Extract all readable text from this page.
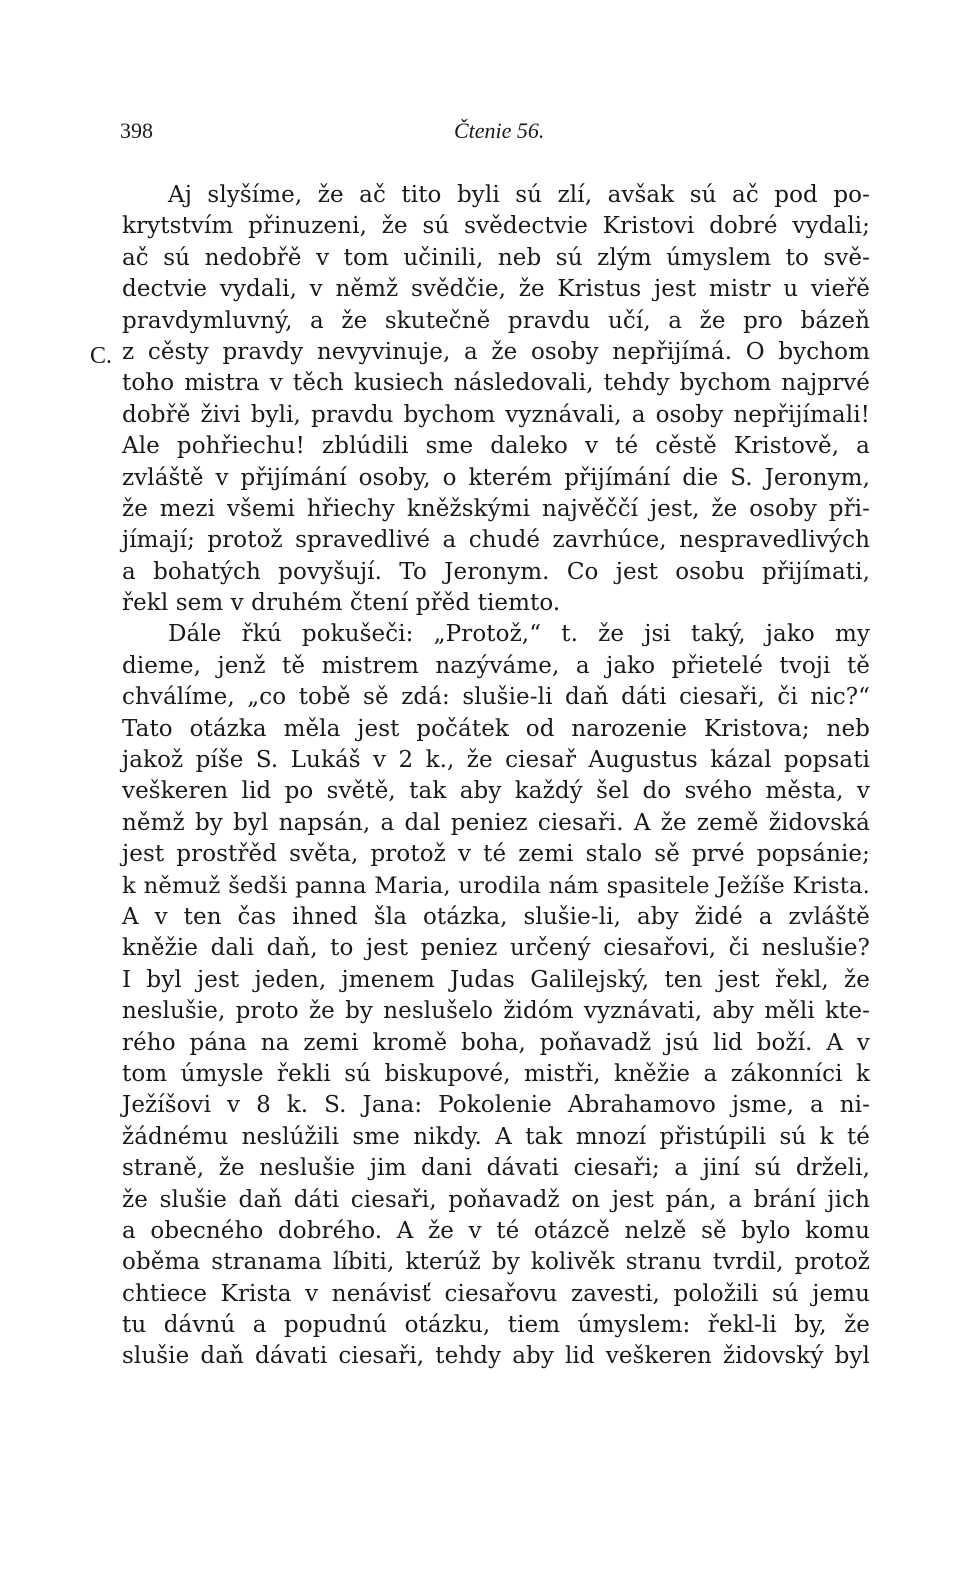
398	Čtenie 56.
C.
Aj slyšíme, že ač tito byli sú zlí, avšak sú ač pod po-
krytstvím přinuzeni, že sú svědectvie Kristovi dobré vydali;
ač sú nedobřě v tom učinili, neb sú zlým úmyslem to svě-
dectvie vydali, v němž svědčie, že Kristus jest mistr u vieřě
pravdymluvný, a že skutečně pravdu učí, a že pro bázeň
z cěsty pravdy nevyvinuje, a že osoby nepřijímá. O bychom
toho mistra v těch kusiech následovali, tehdy bychom najprvé
dobřě živi byli, pravdu bychom vyznávali, a osoby nepřijímali!
Ale pohřiechu! zblúdili sme daleko v té cěstě Kristově, a
zvláště v přijímání osoby, o kterém přijímání die S. Jeronym,
že mezi všemi hřiechy kněžskými najvěččí jest, že osoby při-
jímají; protož spravedlivé a chudé zavrhúce, nespravedlivých
a bohatých povyšují. To Jeronym. Co jest osobu přijímati,
řekl sem v druhém čtení přěd tiemto.
Dále řkú pokušeči: „Protož,“ t. že jsi taký, jako my
dieme, jenž tě mistrem nazýváme, a jako přietelé tvoji tě
chválíme, „co tobě sě zdá: slušie-li daň dáti ciesaři, či nic?“
Tato otázka měla jest počátek od narozenie Kristova; neb
jakož píše S. Lukáš v 2 k., že ciesař Augustus kázal popsati
veškeren lid po světě, tak aby každý šel do svého města, v
němž by byl napsán, a dal peniez ciesaři. A že země židovská
jest prostřěd světa, protož v té zemi stalo sě prvé popsánie;
k němuž šedši panna Maria, urodila nám spasitele Ježíše Krista.
A v ten čas ihned šla otázka, slušie-li, aby židé a zvláště
kněžie dali daň, to jest peniez určený ciesařovi, či neslušie?
I byl jest jeden, jmenem Judas Galilejský, ten jest řekl, že
neslušie, proto že by neslušelo židóm vyznávati, aby měli kte-
rého pána na zemi kromě boha, poňavadž jsú lid boží. A v
tom úmysle řekli sú biskupové, mistři, kněžie a zákonníci k
Ježíšovi v 8 k. S. Jana: Pokolenie Abrahamovo jsme, a ni-
žádnému neslúžili sme nikdy. A tak mnozí přistúpili sú k té
straně, že neslušie jim dani dávati ciesaři; a jiní sú drželi,
že slušie daň dáti ciesaři, poňavadž on jest pán, a brání jich
a obecného dobrého. A že v té otázcě nelzě sě bylo komu
oběma stranama líbiti, kterúž by kolivěk stranu tvrdil, protož
chtiece Krista v nenávisť ciesařovu zavesti, položili sú jemu
tu dávnú a popudnú otázku, tiem úmyslem: řekl-li by, že
slušie daň dávati ciesaři, tehdy aby lid veškeren židovský byl
